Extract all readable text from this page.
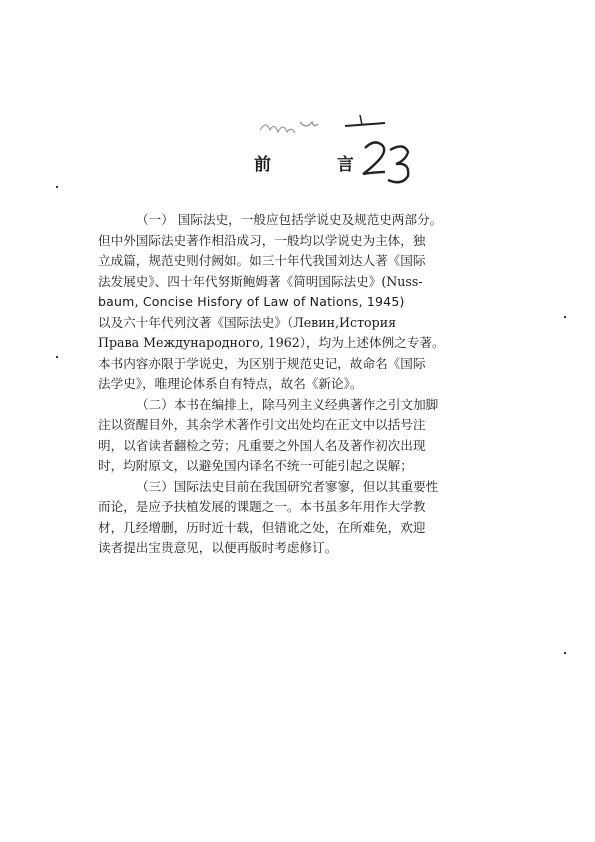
前 言
（一） 国际法史，一般应包括学说史及规范史两部分。
但中外国际法史著作相沿成习，一般均以学说史为主体，独
立成篇，规范史则付阙如。如三十年代我国刘达人著《国际
法发展史》、四十年代努斯鲍姆著《简明国际法史》(Nuss-
baum, Concise Hisfory of Law of Nations, 1945)
以及六十年代列汶著《国际法史》（Левин,История
Права Международного, 1962），均为上述体例之专著。
本书内容亦限于学说史，为区别于规范史记，故命名《国际
法学史》，唯理论体系自有特点，故名《新论》。
（二）本书在编排上，除马列主义经典著作之引文加脚
注以资醒目外，其余学术著作引文出处均在正文中以括号注
明，以省读者翻检之劳；凡重要之外国人名及著作初次出现
时，均附原文，以避免国内译名不统一可能引起之误解；
（三）国际法史目前在我国研究者寥寥，但以其重要性
而论，是应予扶植发展的课题之一。本书虽多年用作大学教
材，几经增删，历时近十载，但错讹之处，在所难免，欢迎
读者提出宝贵意见，以便再版时考虑修订。
